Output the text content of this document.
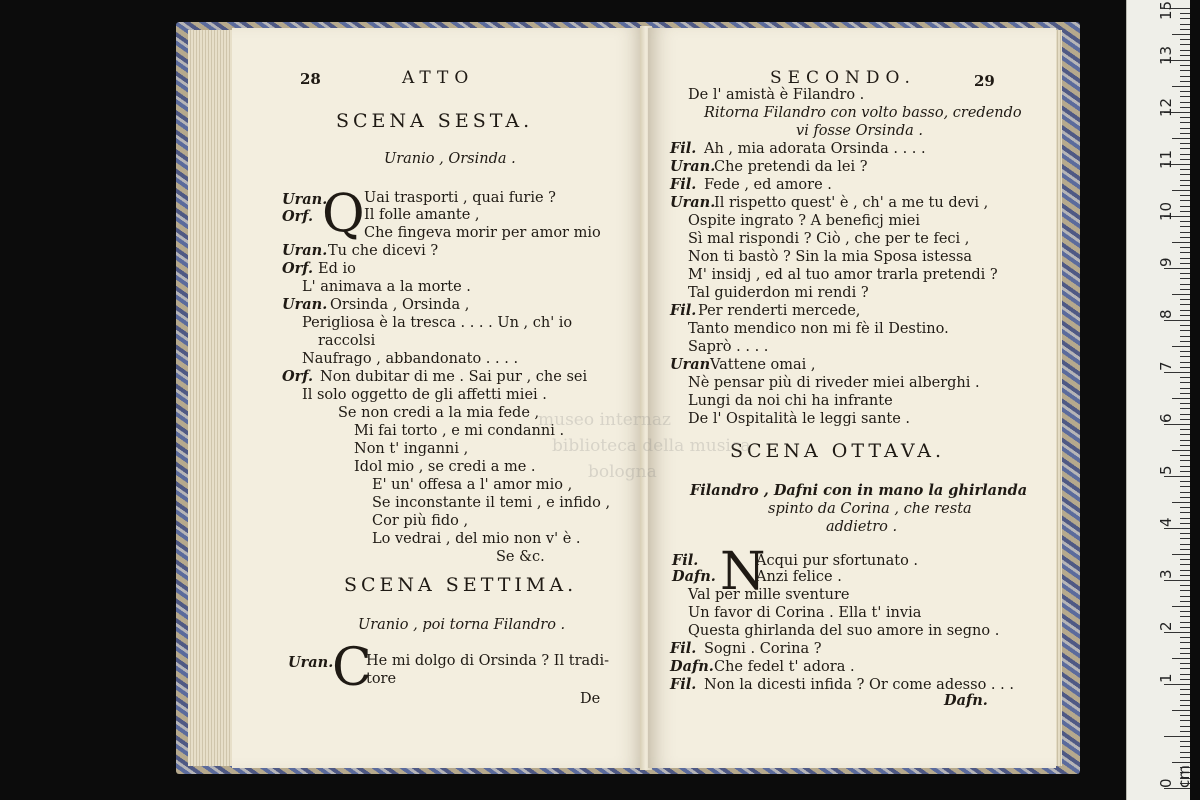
28	ATTO
SCENA SESTA.
Uranio , Orsinda .
Q
Uran.	Uai trasporti , quai furie ?
Orf.	Il folle amante ,
Che fingeva morir per amor mio
Uran. Tu che dicevi ?
Orf. Ed io
L' animava a la morte .
Uran. Orsinda , Orsinda ,
Perigliosa è la tresca . . . . Un , ch' io
raccolsi
Naufrago , abbandonato . . . .
Orf. Non dubitar di me . Sai pur , che sei
Il solo oggetto de gli affetti miei .
Se non credi a la mia fede ,
Mi fai torto , e mi condanni .
Non t' inganni ,
Idol mio , se credi a me .
E' un' offesa a l' amor mio ,
Se inconstante il temi , e infido ,
Cor più fido ,
Lo vedrai , del mio non v' è .
Se &c.
SCENA SETTIMA.
Uranio , poi torna Filandro .
Uran.
C
He mi dolgo di Orsinda ? Il tradi-
tore
De
SECONDO.	29
De l' amistà è Filandro .
Ritorna Filandro con volto basso, credendo
vi fosse Orsinda .
Fil. Ah , mia adorata Orsinda . . . .
Uran.
Che pretendi da lei ?
Fil. Fede , ed amore .
Uran.
Il rispetto quest' è , ch' a me tu devi ,
Ospite ingrato ? A beneficj miei
Sì mal rispondi ? Ciò , che per te feci ,
Non ti bastò ? Sin la mia Sposa istessa
M' insidj , ed al tuo amor trarla pretendi ?
Tal guiderdon mi rendi ?
Fil. Per renderti mercede,
Tanto mendico non mi fè il Destino.
Saprò . . . .
Uran Vattene omai ,
Nè pensar più di riveder miei alberghi .
Lungi da noi chi ha infrante
De l' Ospitalità le leggi sante .
SCENA OTTAVA.
Filandro , Dafni con in mano la ghirlanda
spinto da Corina , che resta
addietro .
N
Fil.	Acqui pur sfortunato .
Dafn.	Anzi felice .
Val per mille sventure
Un favor di Corina . Ella t' invia
Questa ghirlanda del suo amore in segno .
Fil. Sogni . Corina ?
Dafn. Che fedel t' adora .
Fil. Non la dicesti infida ? Or come adesso . . .
Dafn.
museo internaz
biblioteca della musica
bologna
0 cm
1
2
3
4
5
6
7
8
9
10
11
12
13
15
